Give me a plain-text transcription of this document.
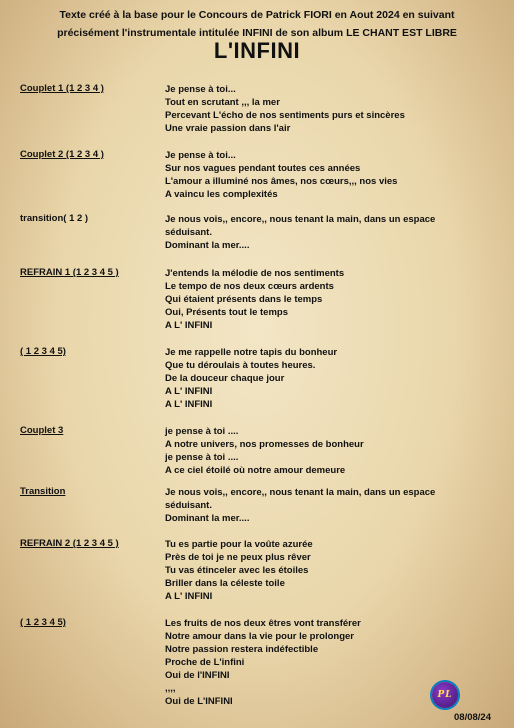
Texte créé à la base pour le Concours de Patrick FIORI en Aout 2024 en suivant
précisément l'instrumentale intitulée INFINI de son album LE CHANT EST LIBRE
L'INFINI
Couplet 1 (1 2 3 4 )	Je pense à toi...
Tout en scrutant ,,, la mer
Percevant L'écho de nos sentiments purs et sincères
Une vraie passion dans l'air
Couplet 2 (1 2 3 4 )	Je pense à toi...
Sur nos vagues pendant toutes ces années
L'amour a illuminé nos âmes, nos cœurs,,, nos vies
A vaincu les complexités
transition( 1 2 )	Je nous vois,, encore,, nous tenant la main, dans un espace
séduisant.
Dominant la mer....
REFRAIN 1 (1 2 3 4 5 )	J'entends la mélodie de nos sentiments
Le tempo de nos deux cœurs ardents
Qui étaient présents dans le temps
Oui, Présents tout le temps
A L' INFINI
( 1 2 3 4 5)	Je me rappelle notre tapis du bonheur
Que tu déroulais à toutes heures.
De la douceur chaque jour
A L' INFINI
A L' INFINI
Couplet 3	je pense à toi ....
A notre univers, nos promesses de bonheur
je pense à toi ....
A ce ciel étoilé où notre amour demeure
Transition	Je nous vois,, encore,, nous tenant la main, dans un espace
séduisant.
Dominant la mer....
REFRAIN 2 (1 2 3 4 5 )	Tu es partie pour la voûte azurée
Près de toi je ne peux plus rêver
Tu vas étinceler avec les étoiles
Briller dans la céleste toile
A L' INFINI
( 1 2 3 4 5)	Les fruits de nos deux êtres vont transférer
Notre amour dans la vie pour le prolonger
Notre passion restera indéfectible
Proche de L'infini
Oui de l'INFINI
,,,,
Oui de L'INFINI
PL
08/08/24
